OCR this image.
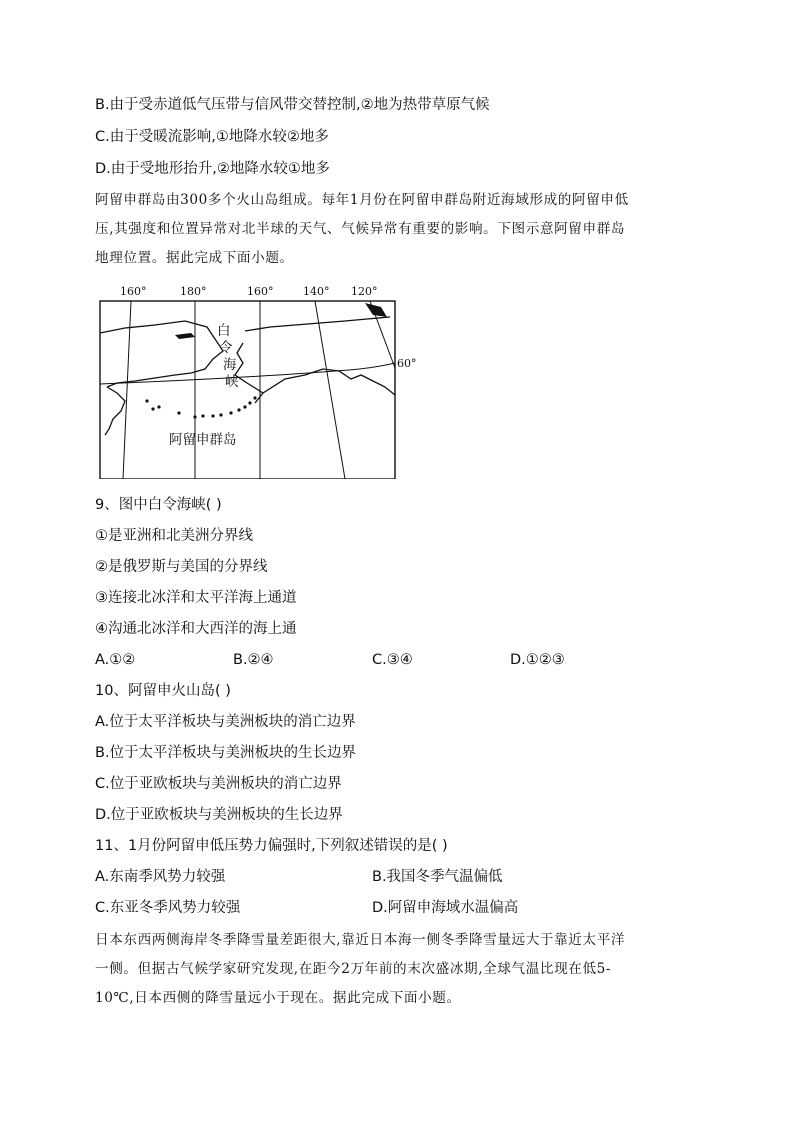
B.由于受赤道低气压带与信风带交替控制,②地为热带草原气候
C.由于受暖流影响,①地降水较②地多
D.由于受地形抬升,②地降水较①地多
阿留申群岛由300多个火山岛组成。每年1月份在阿留申群岛附近海域形成的阿留申低
压,其强度和位置异常对北半球的天气、气候异常有重要的影响。下图示意阿留申群岛
地理位置。据此完成下面小题。
160°	180°	160°	140° 120°
60°
白
令
海
峡
阿留申群岛
9、图中白令海峡( )
①是亚洲和北美洲分界线
②是俄罗斯与美国的分界线
③连接北冰洋和太平洋海上通道
④沟通北冰洋和大西洋的海上通
A.①②	B.②④	C.③④	D.①②③
10、阿留申火山岛( )
A.位于太平洋板块与美洲板块的消亡边界
B.位于太平洋板块与美洲板块的生长边界
C.位于亚欧板块与美洲板块的消亡边界
D.位于亚欧板块与美洲板块的生长边界
11、1月份阿留申低压势力偏强时,下列叙述错误的是( )
A.东南季风势力较强	B.我国冬季气温偏低
C.东亚冬季风势力较强	D.阿留申海域水温偏高
日本东西两侧海岸冬季降雪量差距很大,靠近日本海一侧冬季降雪量远大于靠近太平洋
一侧。但据古气候学家研究发现,在距今2万年前的末次盛冰期,全球气温比现在低5-
10℃,日本西侧的降雪量远小于现在。据此完成下面小题。
